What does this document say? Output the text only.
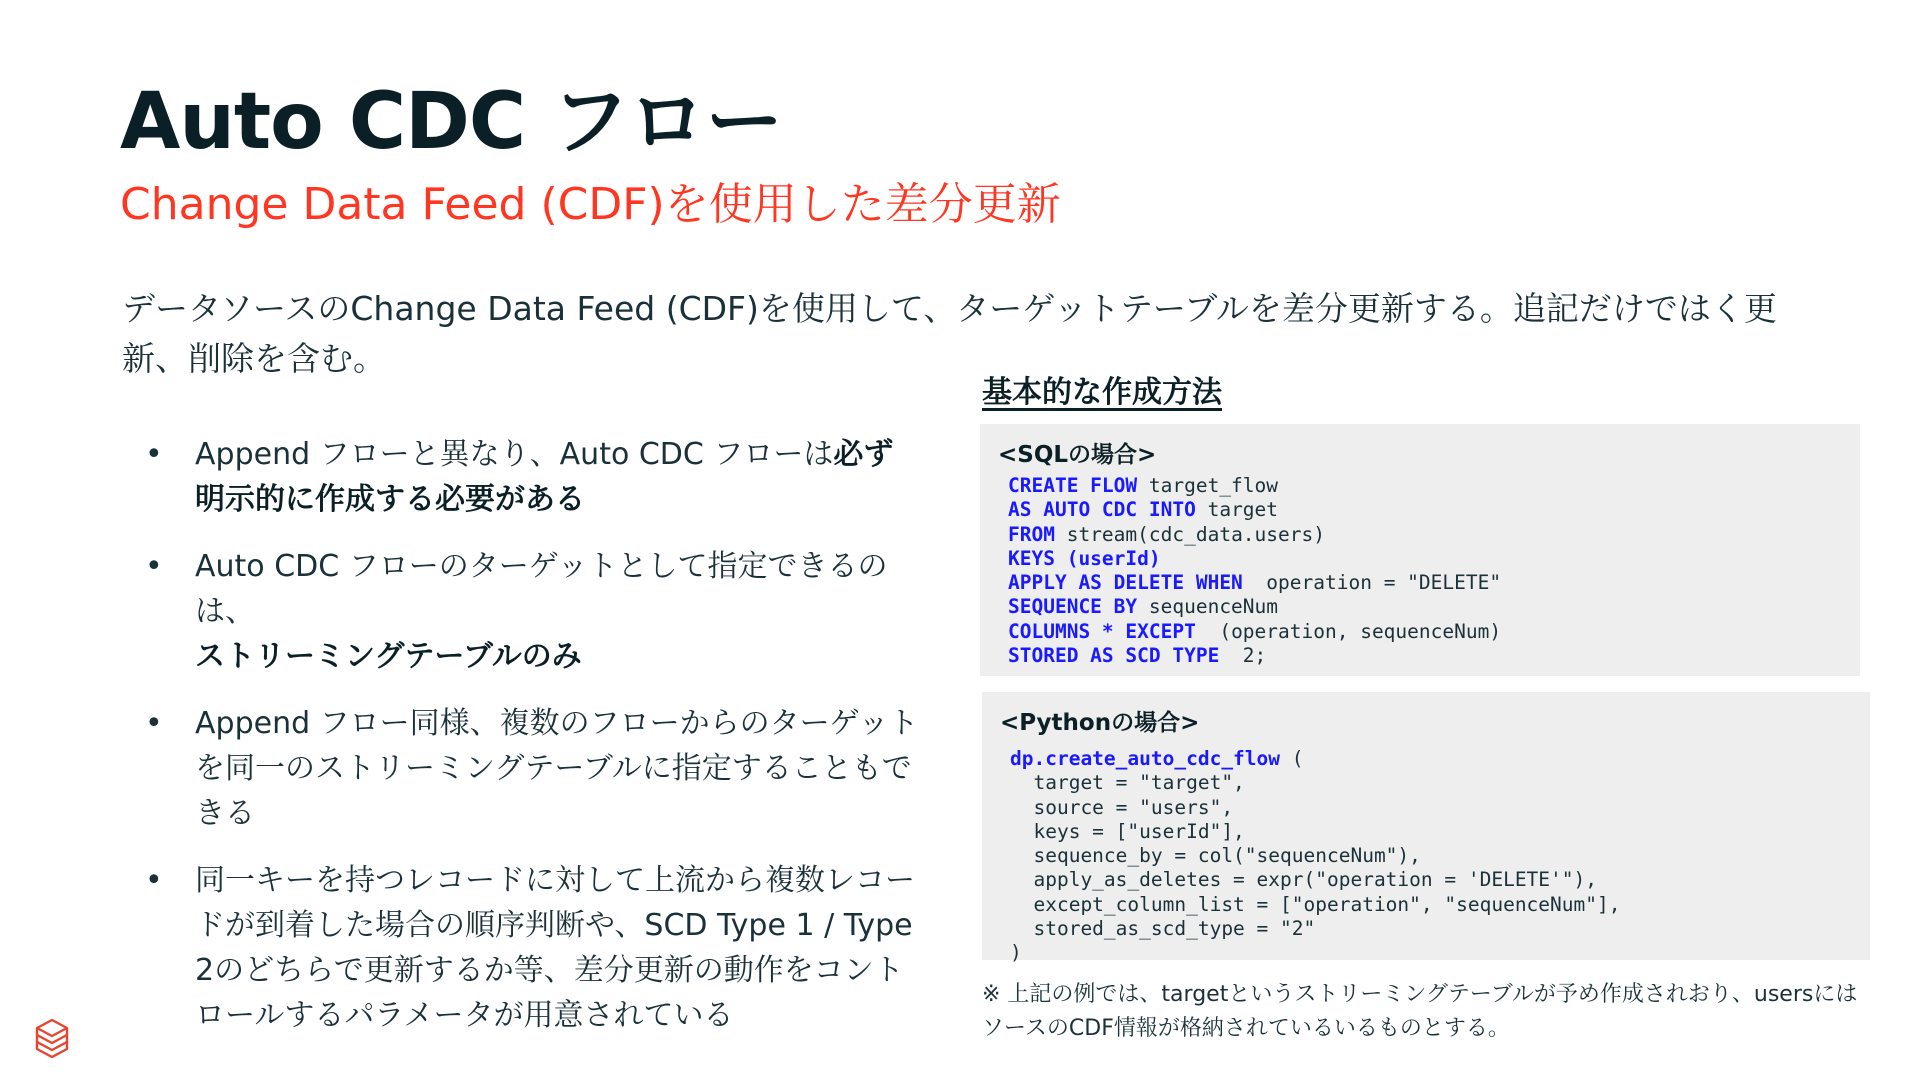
Auto CDC フロー
Change Data Feed (CDF)を使用した差分更新
データソースのChange Data Feed (CDF)を使用して、ターゲットテーブルを差分更新する。追記だけではく更新、削除を含む。
• Append フローと異なり、Auto CDC フローは必ず明示的に作成する必要がある
• Auto CDC フローのターゲットとして指定できるのは、
ストリーミングテーブルのみ
• Append フロー同様、複数のフローからのターゲットを同一のストリーミングテーブルに指定することもできる
• 同一キーを持つレコードに対して上流から複数レコードが到着した場合の順序判断や、SCD Type 1 / Type 2のどちらで更新するか等、差分更新の動作をコントロールするパラメータが用意されている
基本的な作成方法
<SQLの場合>
CREATE FLOW target_flow
AS AUTO CDC INTO target
FROM stream(cdc_data.users)
KEYS (userId)
APPLY AS DELETE WHEN  operation = "DELETE"
SEQUENCE BY sequenceNum
COLUMNS * EXCEPT  (operation, sequenceNum)
STORED AS SCD TYPE  2;
<Pythonの場合>
dp.create_auto_cdc_flow (
target = "target",
source = "users",
keys = ["userId"],
sequence_by = col("sequenceNum"),
apply_as_deletes = expr("operation = 'DELETE'"),
except_column_list = ["operation", "sequenceNum"],
stored_as_scd_type = "2"
)
※ 上記の例では、targetというストリーミングテーブルが予め作成されおり、usersにはソースのCDF情報が格納されているいるものとする。
